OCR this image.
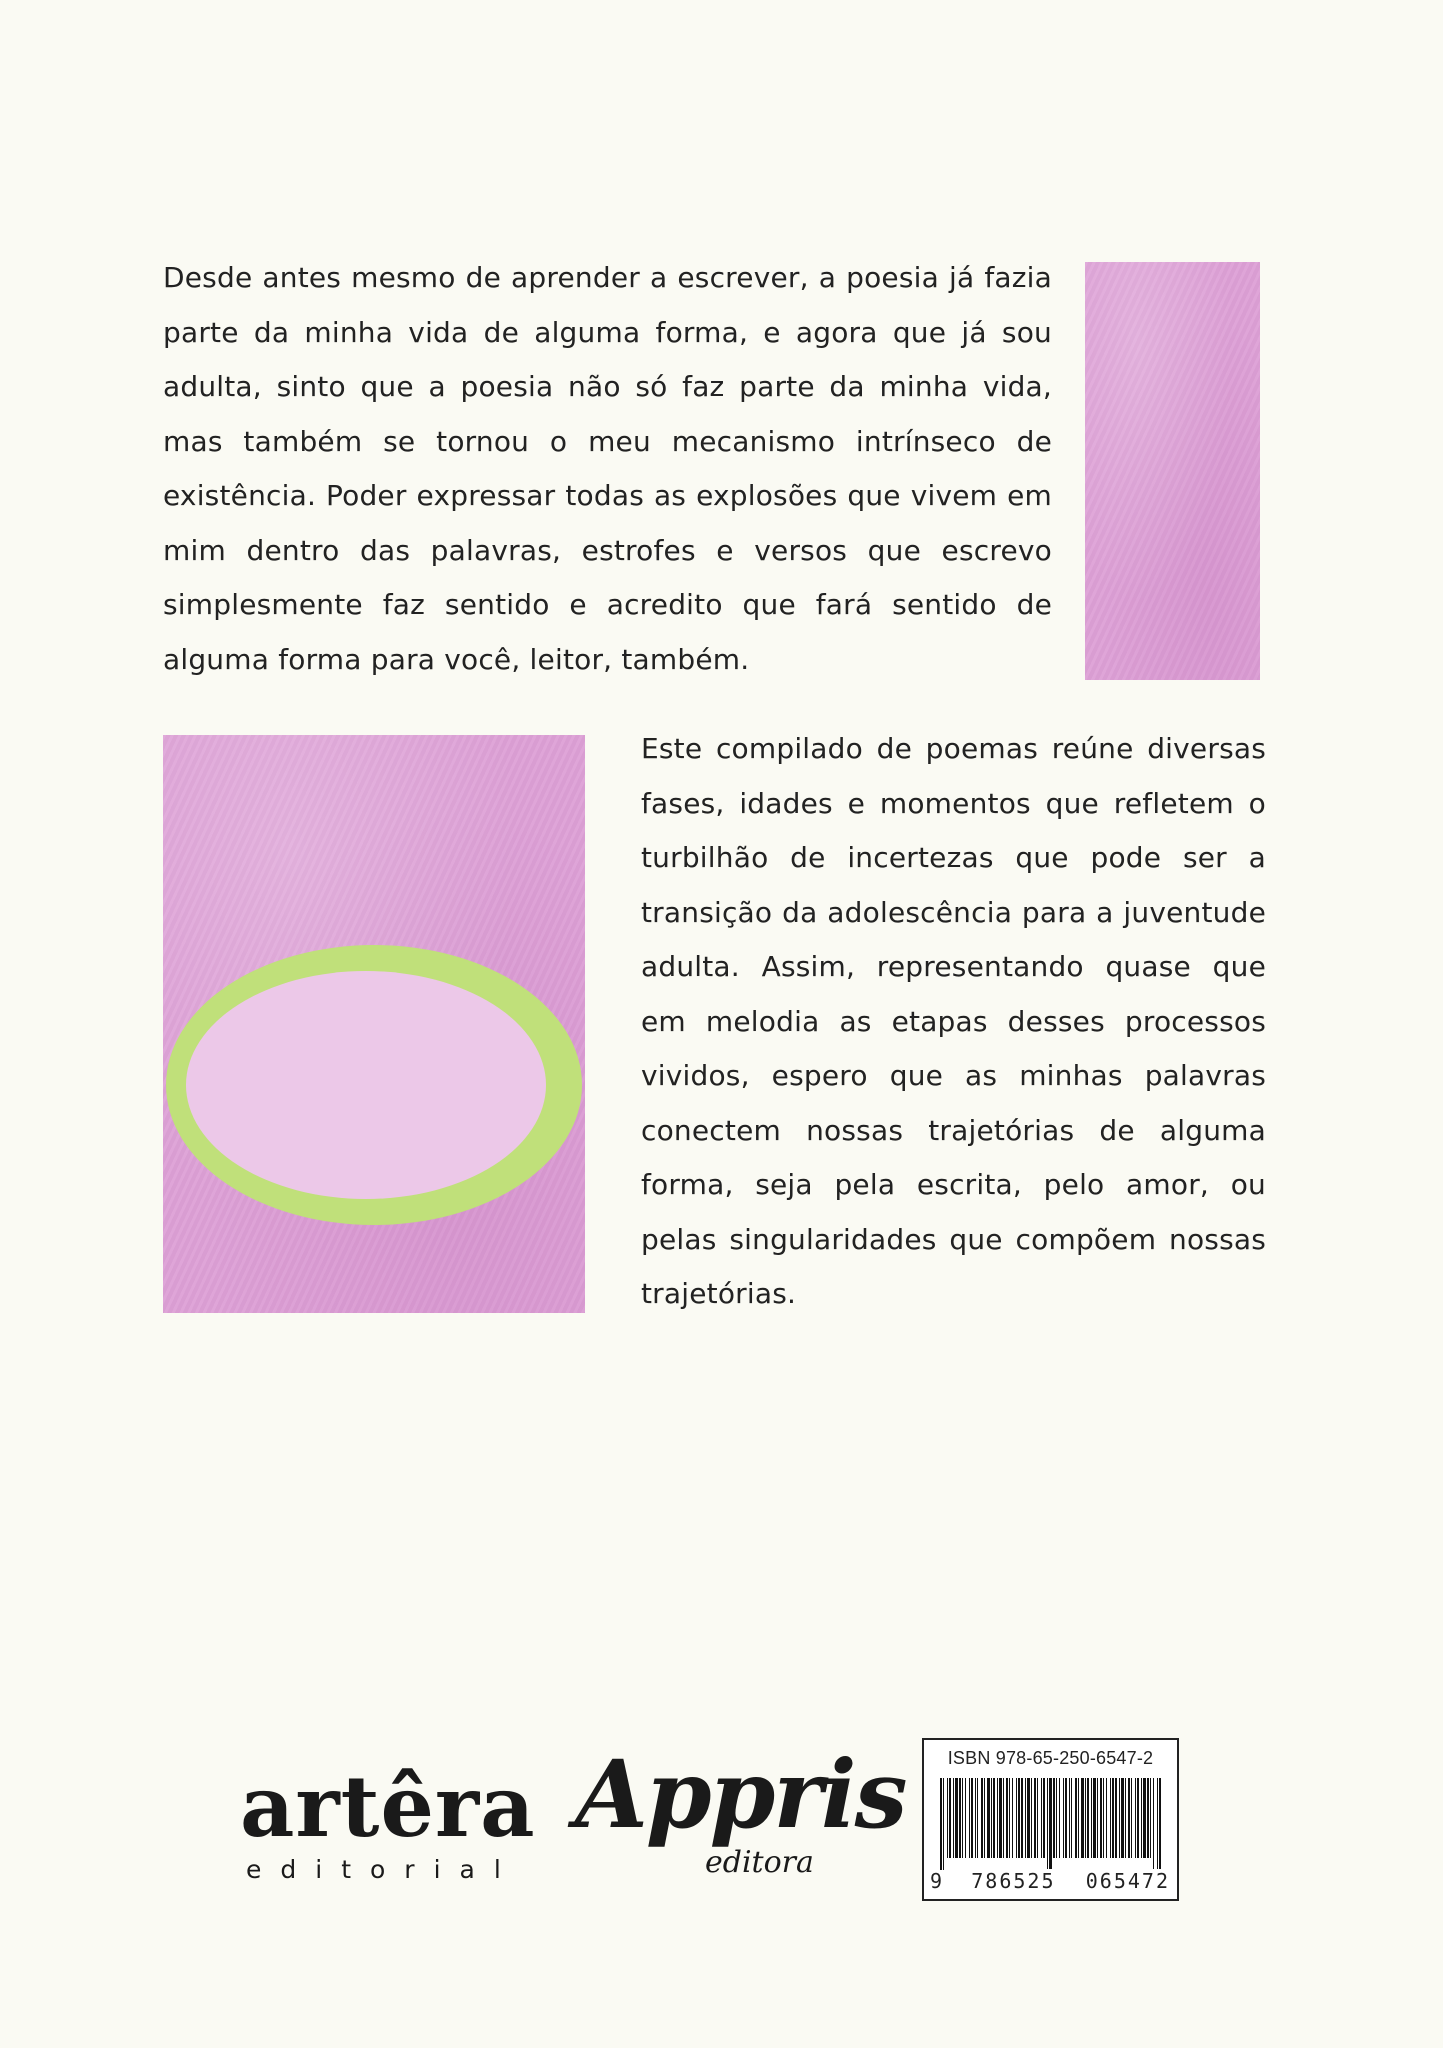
Desde antes mesmo de aprender a escrever, a poesia já fazia parte da minha vida de alguma forma, e agora que já sou adulta, sinto que a poesia não só faz parte da minha vida, mas também se tornou o meu mecanismo intrínseco de existência. Poder expressar todas as explosões que vivem em mim dentro das palavras, estrofes e versos que escrevo simplesmente faz sentido e acredito que fará sentido de alguma forma para você, leitor, também.

Este compilado de poemas reúne diversas fases, idades e momentos que refletem o turbilhão de incertezas que pode ser a transição da adolescência para a juventude adulta. Assim, representando quase que em melodia as etapas desses processos vividos, espero que as minhas palavras conectem nossas trajetórias de alguma forma, seja pela escrita, pelo amor, ou pelas singularidades que compõem nossas trajetórias.

artêra
editorial
Appris
editora
ISBN 978-65-250-6547-2
9 786525 065472
